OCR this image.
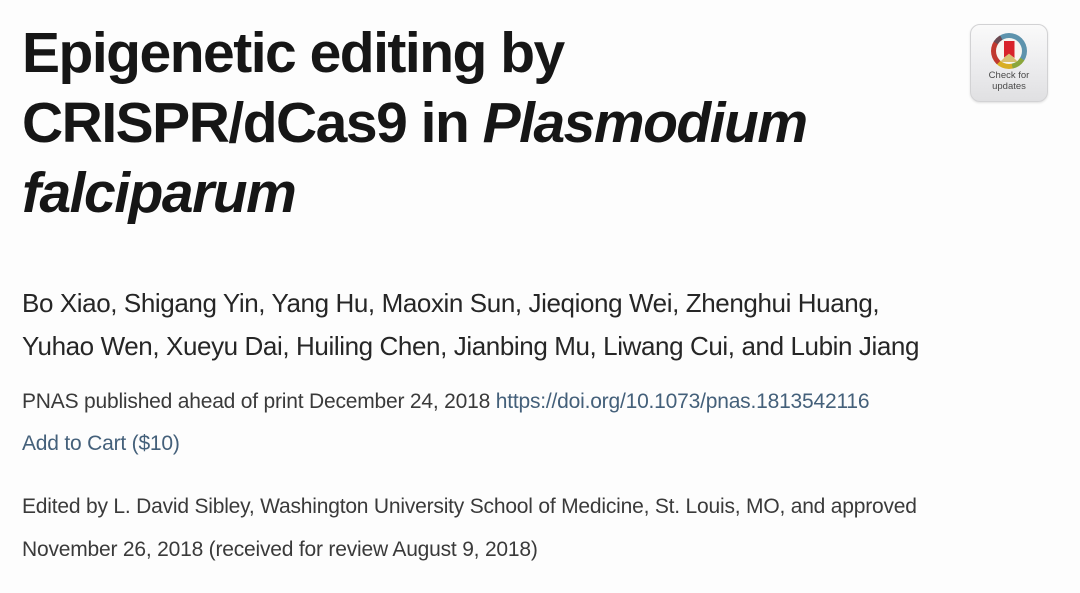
Epigenetic editing by
CRISPR/dCas9 in Plasmodium
falciparum
Bo Xiao, Shigang Yin, Yang Hu, Maoxin Sun, Jieqiong Wei, Zhenghui Huang,
Yuhao Wen, Xueyu Dai, Huiling Chen, Jianbing Mu, Liwang Cui, and Lubin Jiang
PNAS published ahead of print December 24, 2018 https://doi.org/10.1073/pnas.1813542116
Add to Cart ($10)
Edited by L. David Sibley, Washington University School of Medicine, St. Louis, MO, and approved
November 26, 2018 (received for review August 9, 2018)
Check for
updates
